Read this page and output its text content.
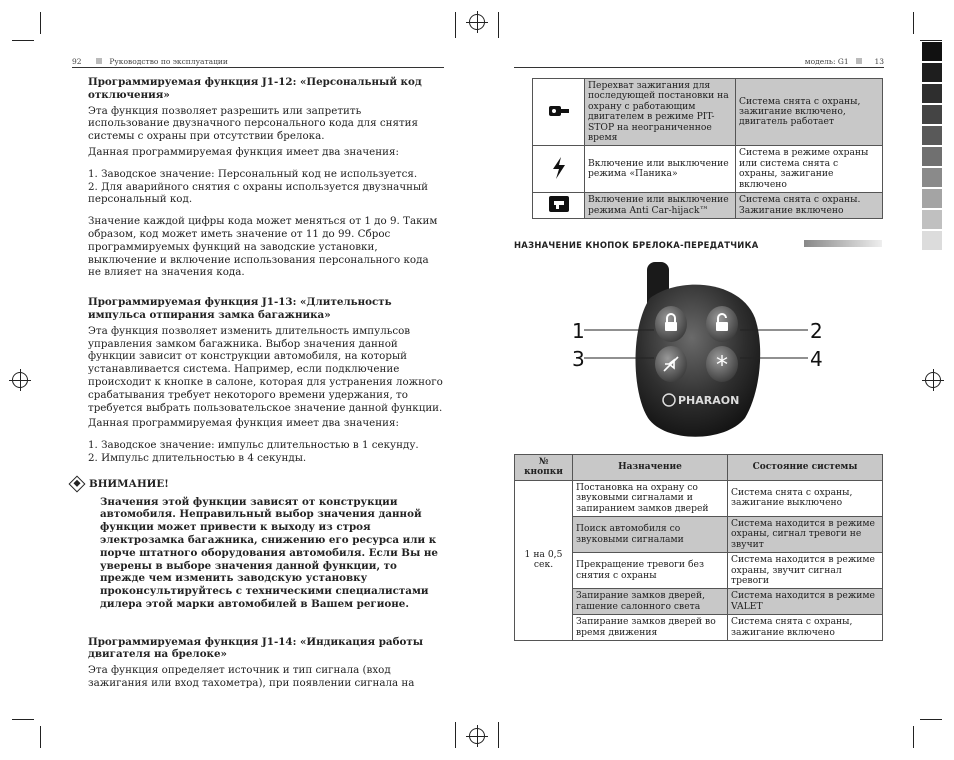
92	Руководство по эксплуатации	модель: G1	13
Программируемая функция J1-12: «Персональный код отключения»

Эта функция позволяет разрешить или запретить использование двузначного персонального кода для снятия системы с охраны при отсутствии брелока.

Данная программируемая функция имеет два значения:

1. Заводское значение: Персональный код не используется.

2. Для аварийного снятия с охраны используется двузначный персональный код.

Значение каждой цифры кода может меняться от 1 до 9. Таким образом, код может иметь значение от 11 до 99. Сброс программируемых функций на заводские установки, выключение и включение использования персонального кода не влияет на значения кода.

Программируемая функция J1-13: «Длительность импульса отпирания замка багажника»

Эта функция позволяет изменить длительность импульсов управления замком багажника. Выбор значения данной функции зависит от конструкции автомобиля, на который устанавливается система. Например, если подключение происходит к кнопке в салоне, которая для устранения ложного срабатывания требует некоторого времени удержания, то требуется выбрать пользовательское значение данной функции.

Данная программируемая функция имеет два значения:

1. Заводское значение: импульс длительностью в 1 секунду.

2. Импульс длительностью в 4 секунды.

ВНИМАНИЕ!

Значения этой функции зависят от конструкции автомобиля. Неправильный выбор значения данной функции может привести к выходу из строя электрозамка багажника, снижению его ресурса или к порче штатного оборудования автомобиля. Если Вы не уверены в выборе значения данной функции, то прежде чем изменить заводскую установку проконсультируйтесь с техническими специалистами дилера этой марки автомобилей в Вашем регионе.

Программируемая функция J1-14: «Индикация работы двигателя на брелоке»

Эта функция определяет источник и тип сигнала (вход зажигания или вход тахометра), при появлении сигнала на

	Перехват зажигания для последующей постановки на охрану с работающим двигателем в режиме PIT-STOP на неограниченное время	Система снята с охраны, зажигание включено, двигатель работает
	Включение или выключение режима «Паника»	Система в режиме охраны или система снята с охраны, зажигание включено
	Включение или выключение режима Anti Car-hijack™	Система снята с охраны. Зажигание включено
НАЗНАЧЕНИЕ КНОПОК БРЕЛОКА-ПЕРЕДАТЧИКА
*
PHARAON
1
3
2
4
№ кнопки	Назначение	Состояние системы
1 на 0,5 сек.	Постановка на охрану со звуковыми сигналами и запиранием замков дверей	Система снята с охраны, зажигание выключено
	Поиск автомобиля со звуковыми сигналами	Система находится в режиме охраны, сигнал тревоги не звучит
	Прекращение тревоги без снятия с охраны	Система находится в режиме охраны, звучит сигнал тревоги
	Запирание замков дверей, гашение салонного света	Система находится в режиме VALET
	Запирание замков дверей во время движения	Система снята с охраны, зажигание включено
